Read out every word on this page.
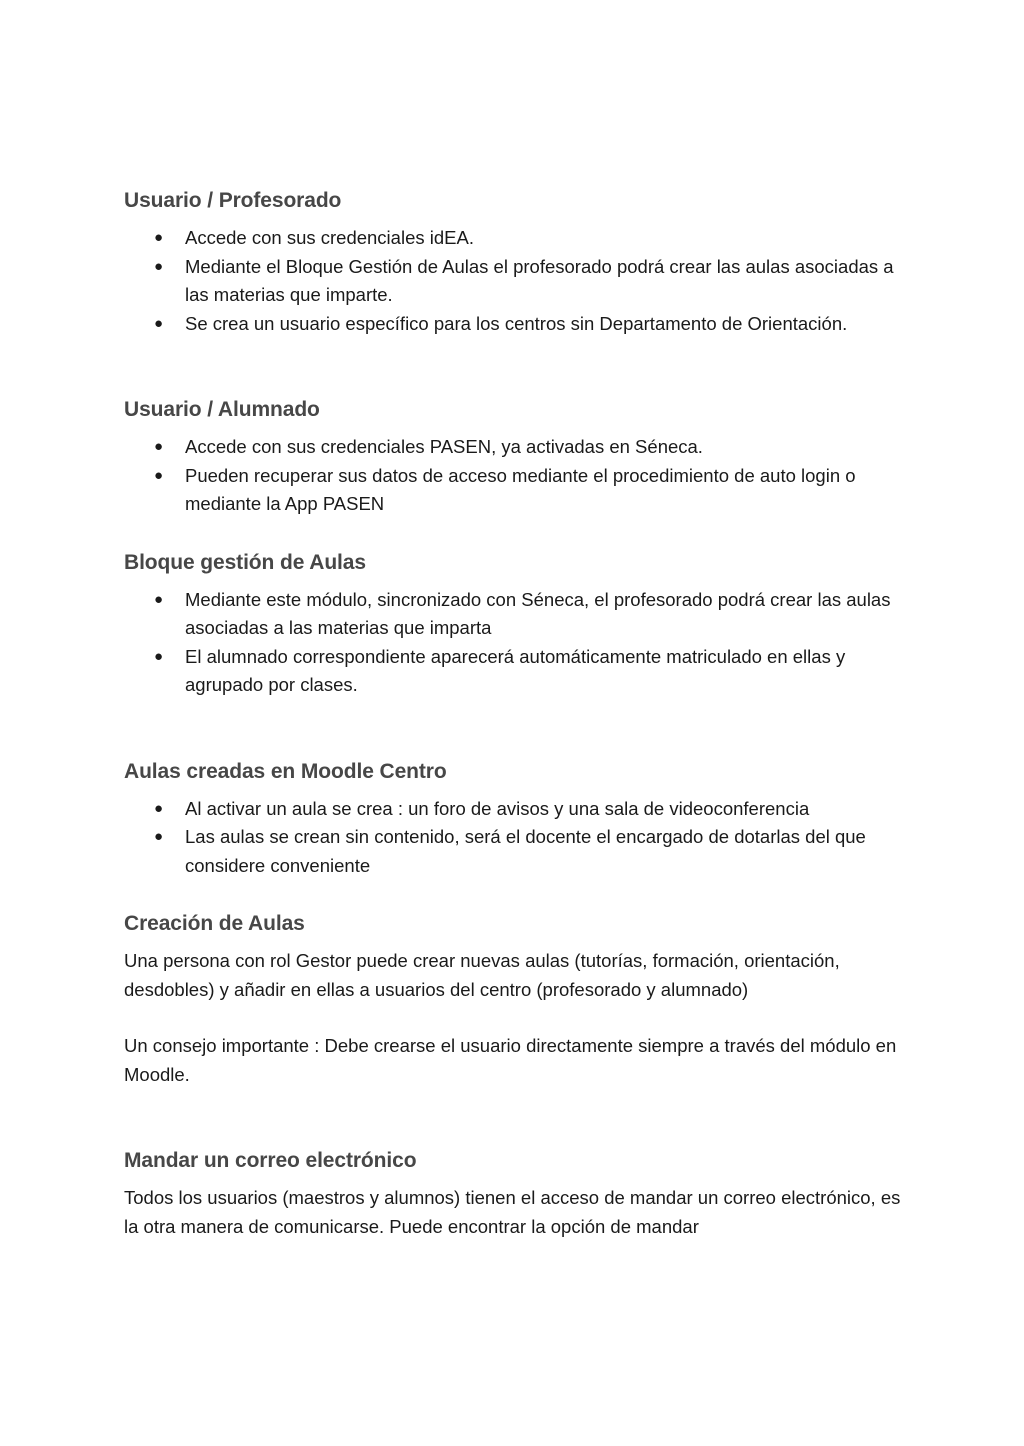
Usuario / Profesorado
● Accede con sus credenciales idEA.
● Mediante el Bloque Gestión de Aulas el profesorado podrá crear las aulas asociadas a las materias que imparte.
● Se crea un usuario específico para los centros sin Departamento de Orientación.
Usuario / Alumnado
● Accede con sus credenciales PASEN, ya activadas en Séneca.
● Pueden recuperar sus datos de acceso mediante el procedimiento de auto login o mediante la App PASEN
Bloque gestión de Aulas
● Mediante este módulo, sincronizado con Séneca, el profesorado podrá crear las aulas asociadas a las materias que imparta
● El alumnado correspondiente aparecerá automáticamente matriculado en ellas y agrupado por clases.
Aulas creadas en Moodle Centro
● Al activar un aula se crea : un foro de avisos y una sala de videoconferencia
● Las aulas se crean sin contenido, será el docente el encargado de dotarlas del que considere conveniente
Creación de Aulas

Una persona con rol Gestor puede crear nuevas aulas (tutorías, formación, orientación, desdobles) y añadir en ellas a usuarios del centro (profesorado y alumnado)

Un consejo importante : Debe crearse el usuario directamente siempre a través del módulo en Moodle.

Mandar un correo electrónico

Todos los usuarios (maestros y alumnos) tienen el acceso de mandar un correo electrónico, es la otra manera de comunicarse. Puede encontrar la opción de mandar
